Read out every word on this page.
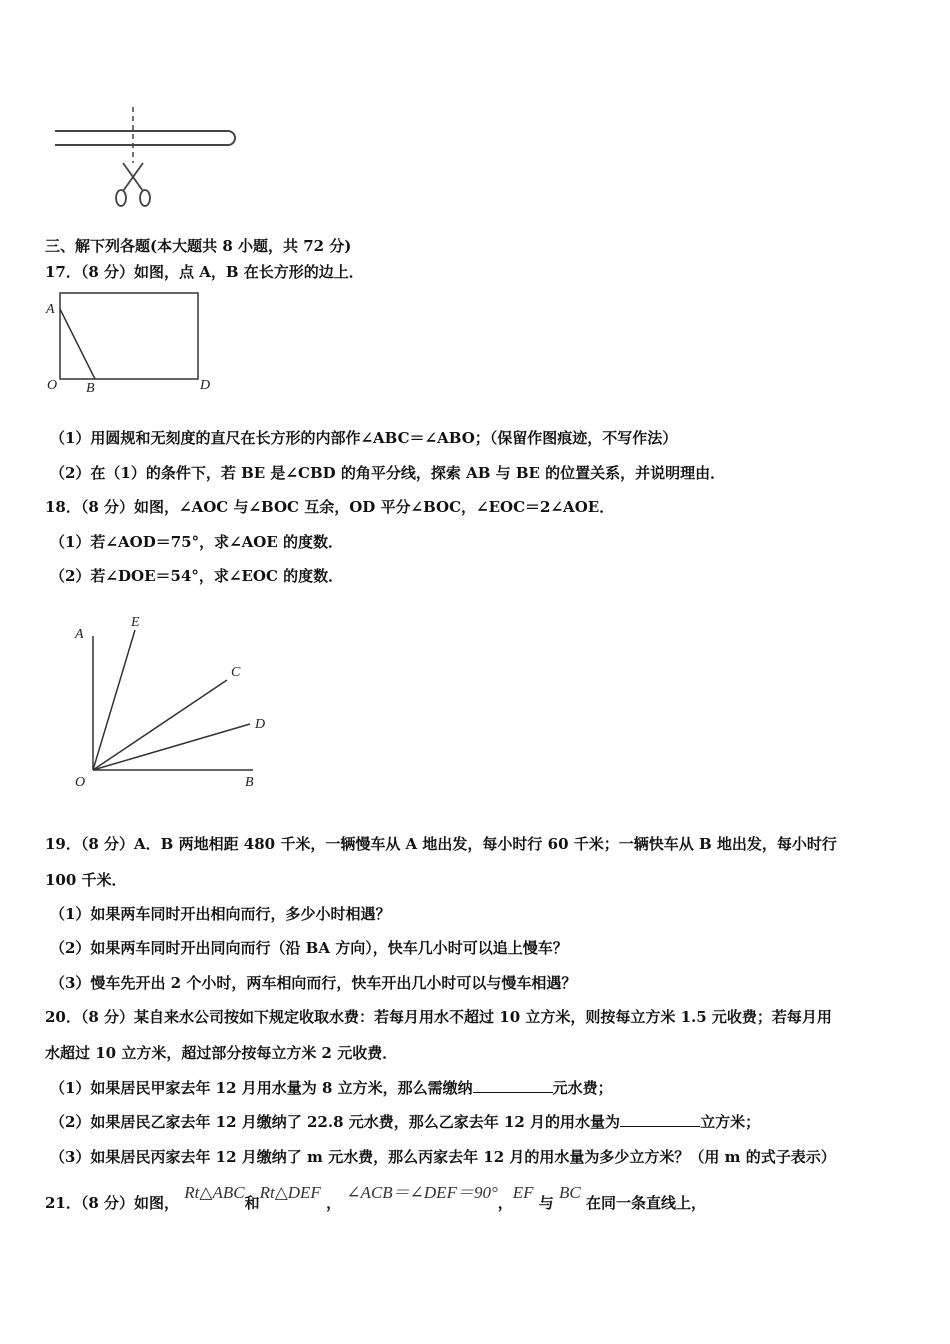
三、解下列各题(本大题共 8 小题，共 72 分)
17．（8 分）如图，点 A，B 在长方形的边上．
A
O B	D
（1）用圆规和无刻度的直尺在长方形的内部作∠ABC＝∠ABO；（保留作图痕迹，不写作法）
（2）在（1）的条件下，若 BE 是∠CBD 的角平分线，探索 AB 与 BE 的位置关系，并说明理由．
18．（8 分）如图，∠AOC 与∠BOC 互余，OD 平分∠BOC，∠EOC＝2∠AOE．
（1）若∠AOD＝75°，求∠AOE 的度数．
（2）若∠DOE＝54°，求∠EOC 的度数．
A
E
C
D
O	B
19．（8 分）A．B 两地相距 480 千米，一辆慢车从 A 地出发，每小时行 60 千米；一辆快车从 B 地出发，每小时行
100 千米．
（1）如果两车同时开出相向而行，多少小时相遇？
（2）如果两车同时开出同向而行（沿 BA 方向），快车几小时可以追上慢车？
（3）慢车先开出 2 个小时，两车相向而行，快车开出几小时可以与慢车相遇？
20．（8 分）某自来水公司按如下规定收取水费：若每月用水不超过 10 立方米，则按每立方米 1.5 元收费；若每月用
水超过 10 立方米，超过部分按每立方米 2 元收费．
（1）如果居民甲家去年 12 月用水量为 8 立方米，那么需缴纳	元水费；
（2）如果居民乙家去年 12 月缴纳了 22.8 元水费，那么乙家去年 12 月的用水量为	立方米；
（3）如果居民丙家去年 12 月缴纳了 m 元水费，那么丙家去年 12 月的用水量为多少立方米？（用 m 的式子表示）
21．（8 分）如图， Rt△ABC和Rt△DEF ， ∠ACB＝∠DEF＝90°，EF 与 BC 在同一条直线上，
